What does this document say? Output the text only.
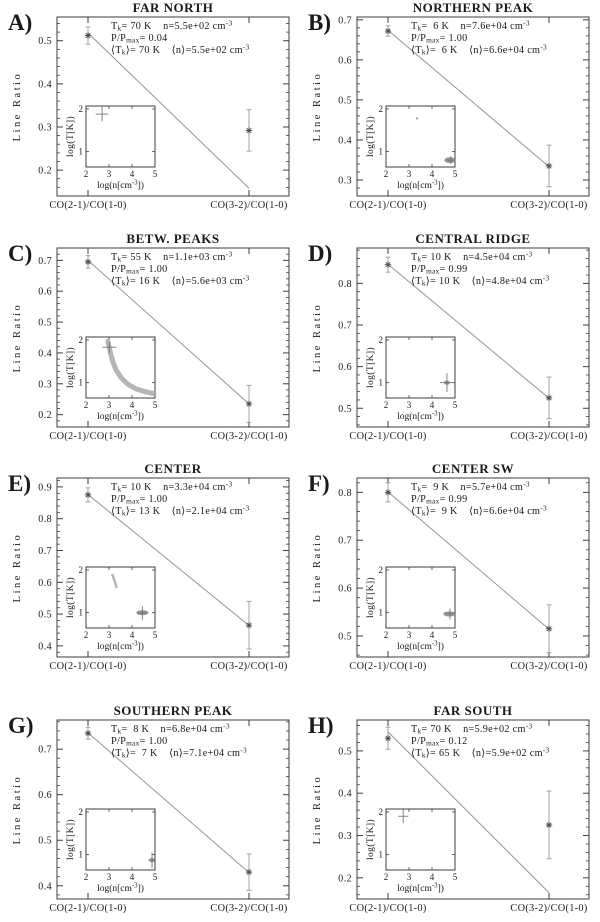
A)
FAR NORTH
0.2
0.3
0.4
0.5
Tk= 70 K    n=5.5e+02 $cm^{-3}$
P/Pmax= 0.04
⟨Tk⟩= 70 K    ⟨n⟩=5.5e+02 $cm^{-3}$
Line Ratio
CO(2-1)/CO(1-0)	CO(3-2)/CO(1-0)
2 3 4 5
1
2
$\log(n[cm^{-3}])$
log(T[K])
B)
NORTHERN PEAK
0.3
0.4
0.5
0.6
0.7
Tk=  6 K    n=7.6e+04 $cm^{-3}$
P/Pmax= 1.00
⟨Tk⟩=  6 K    ⟨n⟩=6.6e+04 $cm^{-3}$
Line Ratio
CO(2-1)/CO(1-0)	CO(3-2)/CO(1-0)
2 3 4 5
1
2
$\log(n[cm^{-3}])$
log(T[K])
C)
BETW. PEAKS
0.2
0.3
0.4
0.5
0.6
0.7	Tk= 55 K    n=1.1e+03 $cm^{-3}$
P/Pmax= 1.00
⟨Tk⟩= 16 K    ⟨n⟩=5.6e+03 $cm^{-3}$
Line Ratio
CO(2-1)/CO(1-0)	CO(3-2)/CO(1-0)
2 3 4 5
1
2
$\log(n[cm^{-3}])$
log(T[K])
D)
CENTRAL RIDGE
0.5
0.6
0.7
0.8
Tk= 10 K    n=4.5e+04 $cm^{-3}$
P/Pmax= 0.99
⟨Tk⟩= 10 K    ⟨n⟩=4.8e+04 $cm^{-3}$
Line Ratio
CO(2-1)/CO(1-0)	CO(3-2)/CO(1-0)
2 3 4 5
1
2
$\log(n[cm^{-3}])$
log(T[K])
E)
CENTER
0.4
0.5
0.6
0.7
0.8
0.9	Tk= 10 K    n=3.3e+04 $cm^{-3}$
P/Pmax= 1.00
⟨Tk⟩= 13 K    ⟨n⟩=2.1e+04 $cm^{-3}$
Line Ratio
CO(2-1)/CO(1-0)	CO(3-2)/CO(1-0)
2 3 4 5
1
2
$\log(n[cm^{-3}])$
log(T[K])
F)
CENTER SW
0.5
0.6
0.7
0.8
Tk=  9 K    n=5.7e+04 $cm^{-3}$
P/Pmax= 0.99
⟨Tk⟩=  9 K    ⟨n⟩=6.6e+04 $cm^{-3}$
Line Ratio
CO(2-1)/CO(1-0)	CO(3-2)/CO(1-0)
2 3 4 5
1
2
$\log(n[cm^{-3}])$
log(T[K])
G)
SOUTHERN PEAK
0.4
0.5
0.6
0.7
Tk=  8 K    n=6.8e+04 $cm^{-3}$
P/Pmax= 1.00
⟨Tk⟩=  7 K    ⟨n⟩=7.1e+04 $cm^{-3}$
Line Ratio
CO(2-1)/CO(1-0)	CO(3-2)/CO(1-0)
2 3 4 5
1
2
$\log(n[cm^{-3}])$
log(T[K])
H)
FAR SOUTH
0.2
0.3
0.4
0.5
Tk= 70 K    n=5.9e+02 $cm^{-3}$
P/Pmax= 0.12
⟨Tk⟩= 65 K    ⟨n⟩=5.9e+02 $cm^{-3}$
Line Ratio
CO(2-1)/CO(1-0)	CO(3-2)/CO(1-0)
2 3 4 5
1
2
$\log(n[cm^{-3}])$
log(T[K])
